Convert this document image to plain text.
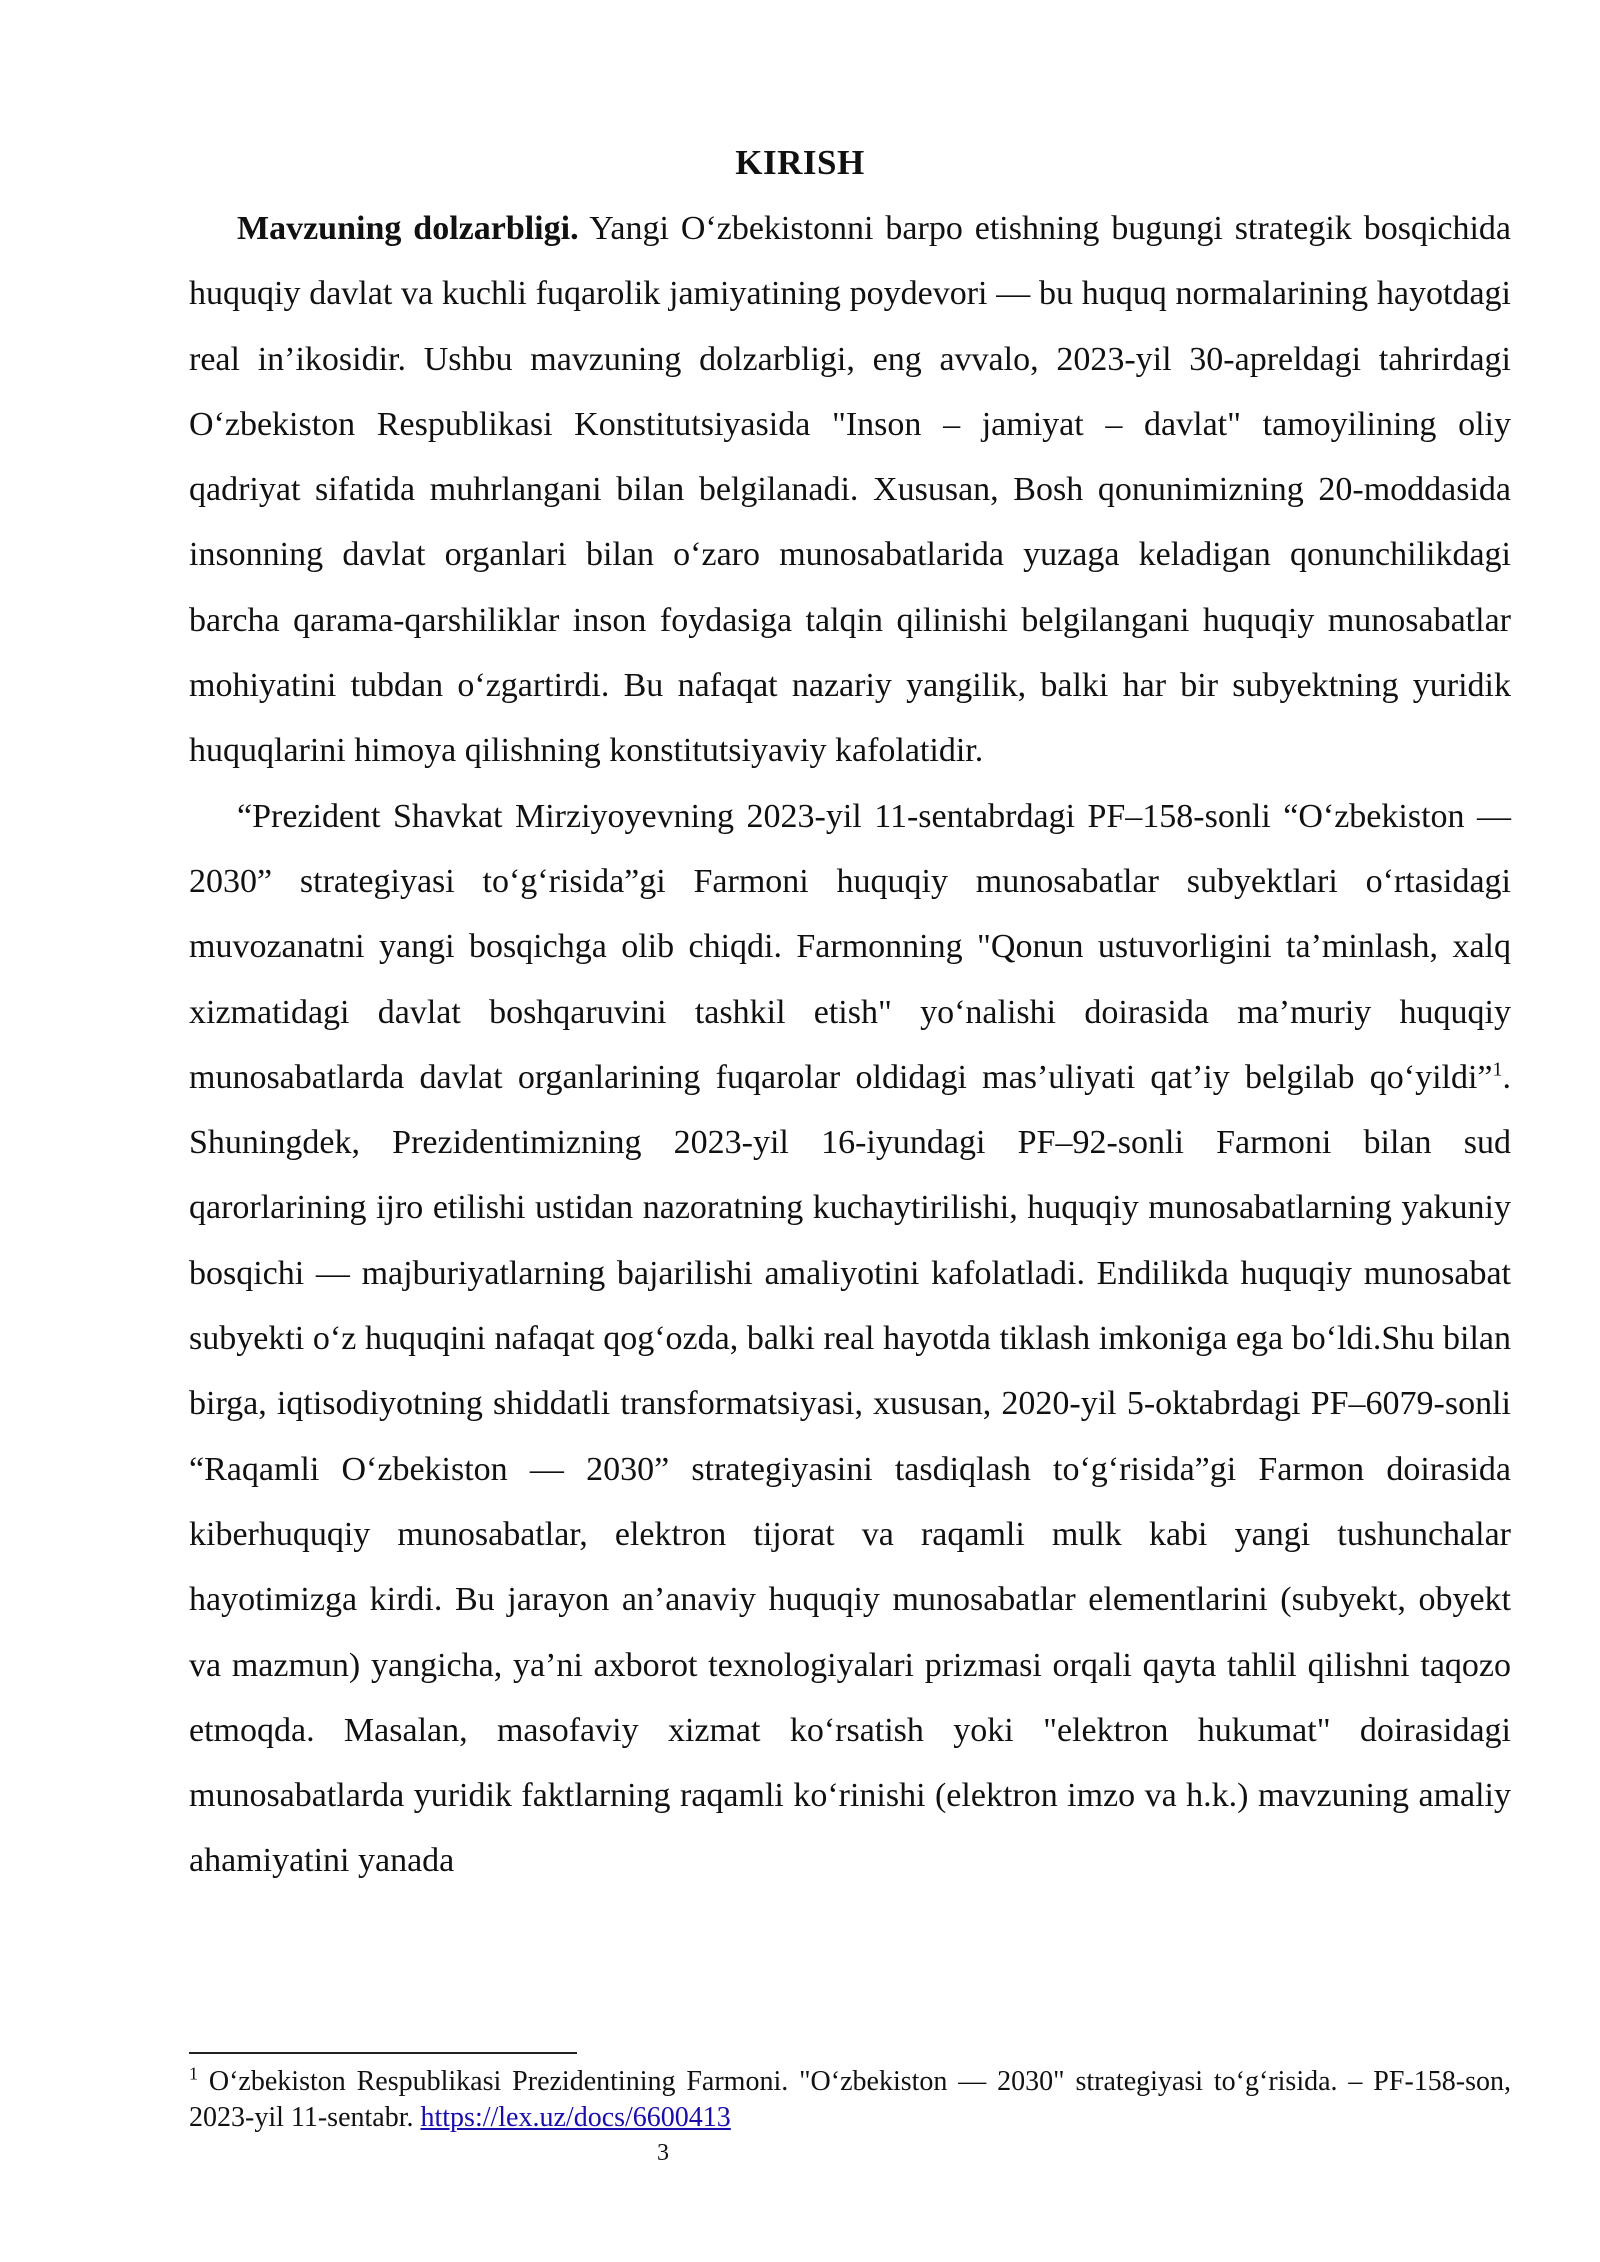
KIRISH

Mavzuning dolzarbligi. Yangi O‘zbekistonni barpo etishning bugungi strategik bosqichida huquqiy davlat va kuchli fuqarolik jamiyatining poydevori — bu huquq normalarining hayotdagi real in’ikosidir. Ushbu mavzuning dolzarbligi, eng avvalo, 2023-yil 30-apreldagi tahrirdagi O‘zbekiston Respublikasi Konstitutsiyasida "Inson – jamiyat – davlat" tamoyilining oliy qadriyat sifatida muhrlangani bilan belgilanadi. Xususan, Bosh qonunimizning 20-moddasida insonning davlat organlari bilan o‘zaro munosabatlarida yuzaga keladigan qonunchilikdagi barcha qarama-qarshiliklar inson foydasiga talqin qilinishi belgilangani huquqiy munosabatlar mohiyatini tubdan o‘zgartirdi. Bu nafaqat nazariy yangilik, balki har bir subyektning yuridik huquqlarini himoya qilishning konstitutsiyaviy kafolatidir.

“Prezident Shavkat Mirziyoyevning 2023-yil 11-sentabrdagi PF–158-sonli “O‘zbekiston — 2030” strategiyasi to‘g‘risida”gi Farmoni huquqiy munosabatlar subyektlari o‘rtasidagi muvozanatni yangi bosqichga olib chiqdi. Farmonning "Qonun ustuvorligini ta’minlash, xalq xizmatidagi davlat boshqaruvini tashkil etish" yo‘nalishi doirasida ma’muriy huquqiy munosabatlarda davlat organlarining fuqarolar oldidagi mas’uliyati qat’iy belgilab qo‘yildi”$^1$. Shuningdek, Prezidentimizning 2023-yil 16-iyundagi PF–92-sonli Farmoni bilan sud qarorlarining ijro etilishi ustidan nazoratning kuchaytirilishi, huquqiy munosabatlarning yakuniy bosqichi — majburiyatlarning bajarilishi amaliyotini kafolatladi. Endilikda huquqiy munosabat subyekti o‘z huquqini nafaqat qog‘ozda, balki real hayotda tiklash imkoniga ega bo‘ldi.Shu bilan birga, iqtisodiyotning shiddatli transformatsiyasi, xususan, 2020-yil 5-oktabrdagi PF–6079-sonli “Raqamli O‘zbekiston — 2030” strategiyasini tasdiqlash to‘g‘risida”gi Farmon doirasida kiberhuquqiy munosabatlar, elektron tijorat va raqamli mulk kabi yangi tushunchalar hayotimizga kirdi. Bu jarayon an’anaviy huquqiy munosabatlar elementlarini (subyekt, obyekt va mazmun) yangicha, ya’ni axborot texnologiyalari prizmasi orqali qayta tahlil qilishni taqozo etmoqda. Masalan, masofaviy xizmat ko‘rsatish yoki "elektron hukumat" doirasidagi munosabatlarda yuridik faktlarning raqamli ko‘rinishi (elektron imzo va h.k.) mavzuning amaliy ahamiyatini yanada

$^1$ O‘zbekiston Respublikasi Prezidentining Farmoni. "O‘zbekiston — 2030" strategiyasi to‘g‘risida. – PF-158-son, 2023-yil 11-sentabr. https://lex.uz/docs/6600413

3
